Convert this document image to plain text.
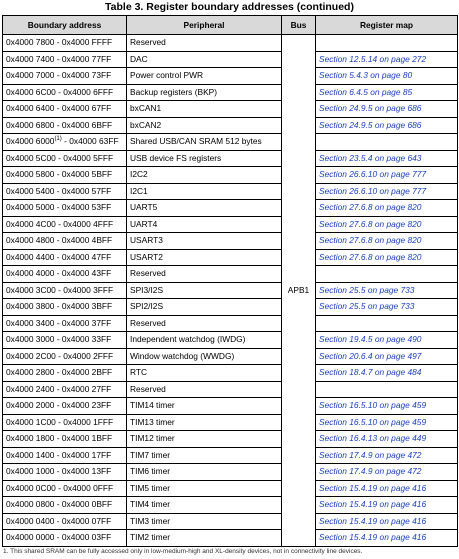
Table 3. Register boundary addresses (continued)
Boundary address	Peripheral	Bus	Register map
0x4000 7800 - 0x4000 FFFF	Reserved	APB1	
0x4000 7400 - 0x4000 77FF	DAC		Section 12.5.14 on page 272
0x4000 7000 - 0x4000 73FF	Power control PWR		Section 5.4.3 on page 80
0x4000 6C00 - 0x4000 6FFF	Backup registers (BKP)		Section 6.4.5 on page 85
0x4000 6400 - 0x4000 67FF	bxCAN1		Section 24.9.5 on page 686
0x4000 6800 - 0x4000 6BFF	bxCAN2		Section 24.9.5 on page 686
0x4000 6000$^{(1)}$ - 0x4000 63FF	Shared USB/CAN SRAM 512 bytes		
0x4000 5C00 - 0x4000 5FFF	USB device FS registers		Section 23.5.4 on page 643
0x4000 5800 - 0x4000 5BFF	I2C2		Section 26.6.10 on page 777
0x4000 5400 - 0x4000 57FF	I2C1		Section 26.6.10 on page 777
0x4000 5000 - 0x4000 53FF	UART5		Section 27.6.8 on page 820
0x4000 4C00 - 0x4000 4FFF	UART4		Section 27.6.8 on page 820
0x4000 4800 - 0x4000 4BFF	USART3		Section 27.6.8 on page 820
0x4000 4400 - 0x4000 47FF	USART2		Section 27.6.8 on page 820
0x4000 4000 - 0x4000 43FF	Reserved		
0x4000 3C00 - 0x4000 3FFF	SPI3/I2S		Section 25.5 on page 733
0x4000 3800 - 0x4000 3BFF	SPI2/I2S		Section 25.5 on page 733
0x4000 3400 - 0x4000 37FF	Reserved		
0x4000 3000 - 0x4000 33FF	Independent watchdog (IWDG)		Section 19.4.5 on page 490
0x4000 2C00 - 0x4000 2FFF	Window watchdog (WWDG)		Section 20.6.4 on page 497
0x4000 2800 - 0x4000 2BFF	RTC		Section 18.4.7 on page 484
0x4000 2400 - 0x4000 27FF	Reserved		
0x4000 2000 - 0x4000 23FF	TIM14 timer		Section 16.5.10 on page 459
0x4000 1C00 - 0x4000 1FFF	TIM13 timer		Section 16.5.10 on page 459
0x4000 1800 - 0x4000 1BFF	TIM12 timer		Section 16.4.13 on page 449
0x4000 1400 - 0x4000 17FF	TIM7 timer		Section 17.4.9 on page 472
0x4000 1000 - 0x4000 13FF	TIM6 timer		Section 17.4.9 on page 472
0x4000 0C00 - 0x4000 0FFF	TIM5 timer		Section 15.4.19 on page 416
0x4000 0800 - 0x4000 0BFF	TIM4 timer		Section 15.4.19 on page 416
0x4000 0400 - 0x4000 07FF	TIM3 timer		Section 15.4.19 on page 416
0x4000 0000 - 0x4000 03FF	TIM2 timer		Section 15.4.19 on page 416
1. This shared SRAM can be fully accessed only in low-medium-high and XL-density devices, not in connectivity line devices.
